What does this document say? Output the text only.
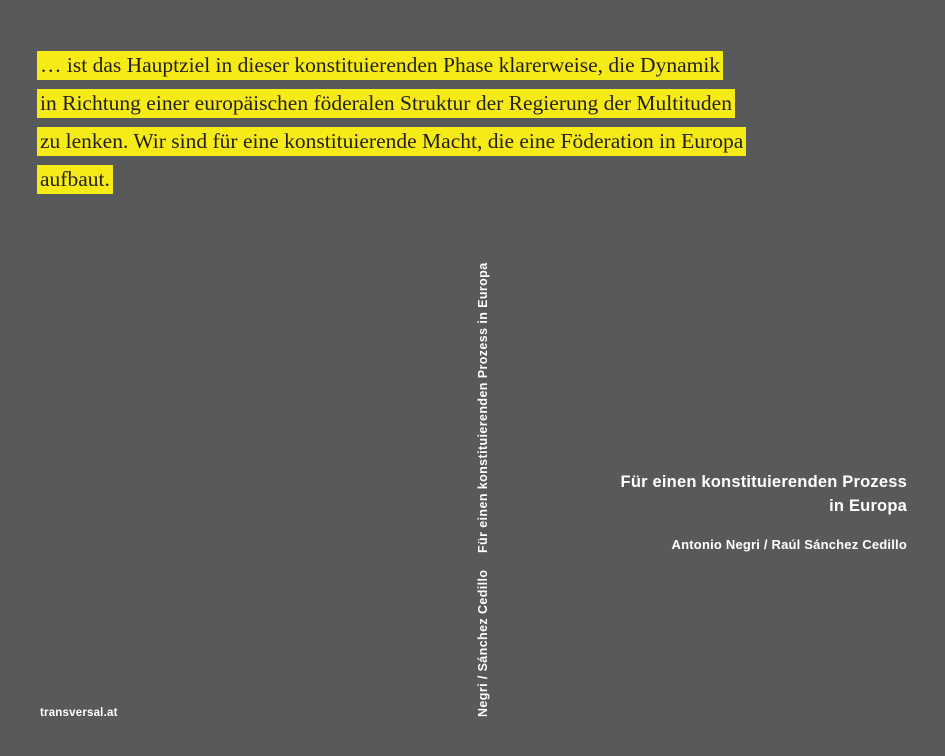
… ist das Hauptziel in dieser konstituierenden Phase klarerweise, die Dynamik
in Richtung einer europäischen föderalen Struktur der Regierung der Multituden
zu lenken. Wir sind für eine konstituierende Macht, die eine Föderation in Europa
aufbaut.
Für einen konstituierenden Prozess in Europa
Negri / Sánchez Cedillo
Für einen konstituierenden Prozess
in Europa
Antonio Negri / Raúl Sánchez Cedillo
transversal.at
